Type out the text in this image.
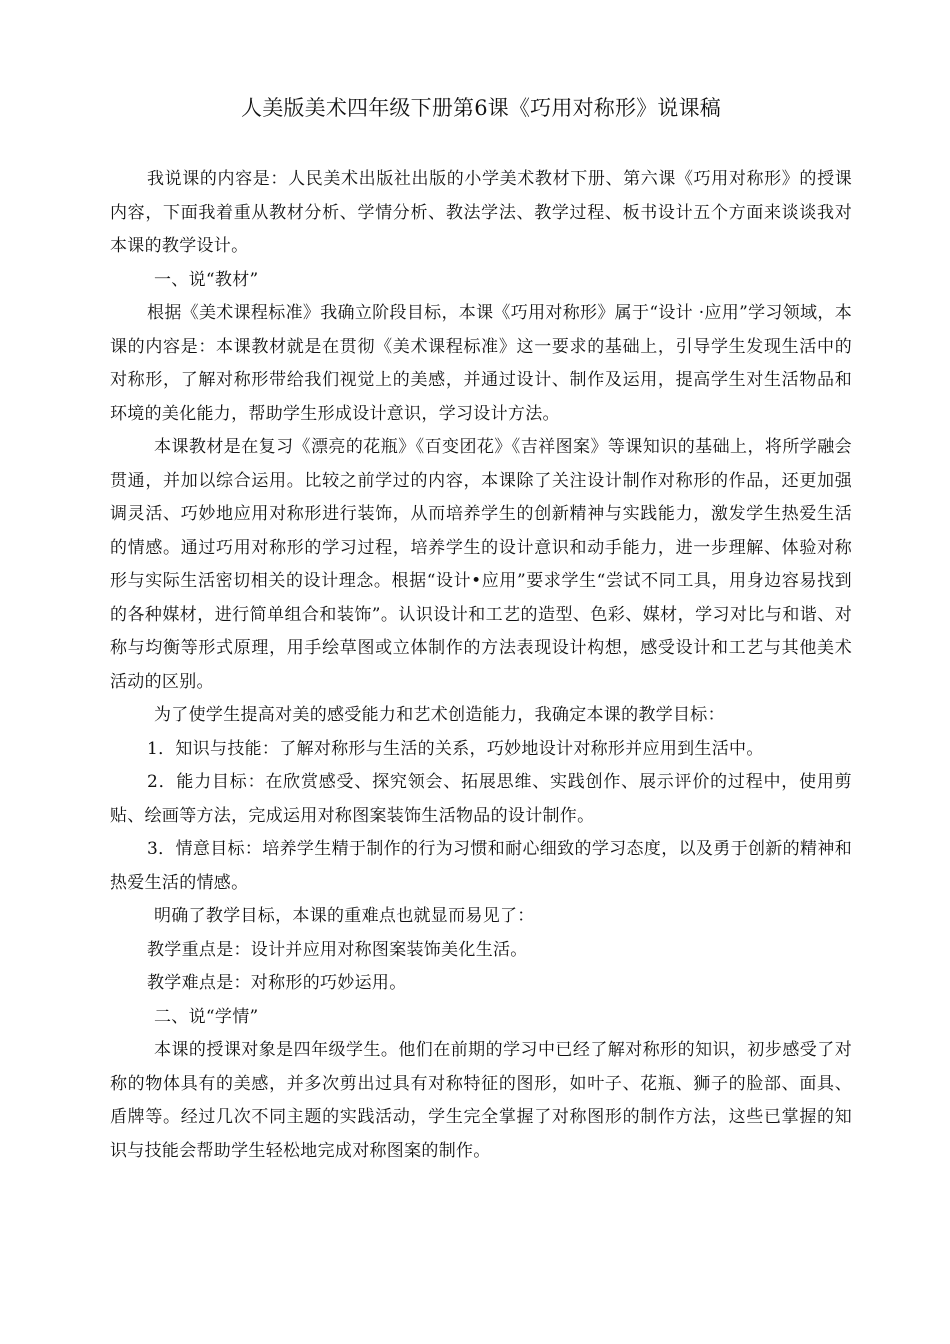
人美版美术四年级下册第6课《巧用对称形》说课稿

我说课的内容是：人民美术出版社出版的小学美术教材下册、第六课《巧用对称形》的授课内容，下面我着重从教材分析、学情分析、教法学法、教学过程、板书设计五个方面来谈谈我对本课的教学设计。

一、说“教材”

根据《美术课程标准》我确立阶段目标，本课《巧用对称形》属于“设计 ·应用”学习领域，本课的内容是：本课教材就是在贯彻《美术课程标准》这一要求的基础上，引导学生发现生活中的对称形，了解对称形带给我们视觉上的美感，并通过设计、制作及运用，提高学生对生活物品和环境的美化能力，帮助学生形成设计意识，学习设计方法。

本课教材是在复习《漂亮的花瓶》《百变团花》《吉祥图案》等课知识的基础上，将所学融会贯通，并加以综合运用。比较之前学过的内容，本课除了关注设计制作对称形的作品，还更加强调灵活、巧妙地应用对称形进行装饰，从而培养学生的创新精神与实践能力，激发学生热爱生活的情感。通过巧用对称形的学习过程，培养学生的设计意识和动手能力，进一步理解、体验对称形与实际生活密切相关的设计理念。根据“设计•应用”要求学生“尝试不同工具，用身边容易找到的各种媒材，进行简单组合和装饰”。认识设计和工艺的造型、色彩、媒材，学习对比与和谐、对称与均衡等形式原理，用手绘草图或立体制作的方法表现设计构想，感受设计和工艺与其他美术活动的区别。

为了使学生提高对美的感受能力和艺术创造能力，我确定本课的教学目标：

1．知识与技能：了解对称形与生活的关系，巧妙地设计对称形并应用到生活中。

2．能力目标：在欣赏感受、探究领会、拓展思维、实践创作、展示评价的过程中，使用剪贴、绘画等方法，完成运用对称图案装饰生活物品的设计制作。

3．情意目标：培养学生精于制作的行为习惯和耐心细致的学习态度，以及勇于创新的精神和热爱生活的情感。

明确了教学目标，本课的重难点也就显而易见了：

教学重点是：设计并应用对称图案装饰美化生活。

教学难点是：对称形的巧妙运用。

二、说“学情”

本课的授课对象是四年级学生。他们在前期的学习中已经了解对称形的知识，初步感受了对称的物体具有的美感，并多次剪出过具有对称特征的图形，如叶子、花瓶、狮子的脸部、面具、盾牌等。经过几次不同主题的实践活动，学生完全掌握了对称图形的制作方法，这些已掌握的知识与技能会帮助学生轻松地完成对称图案的制作。
